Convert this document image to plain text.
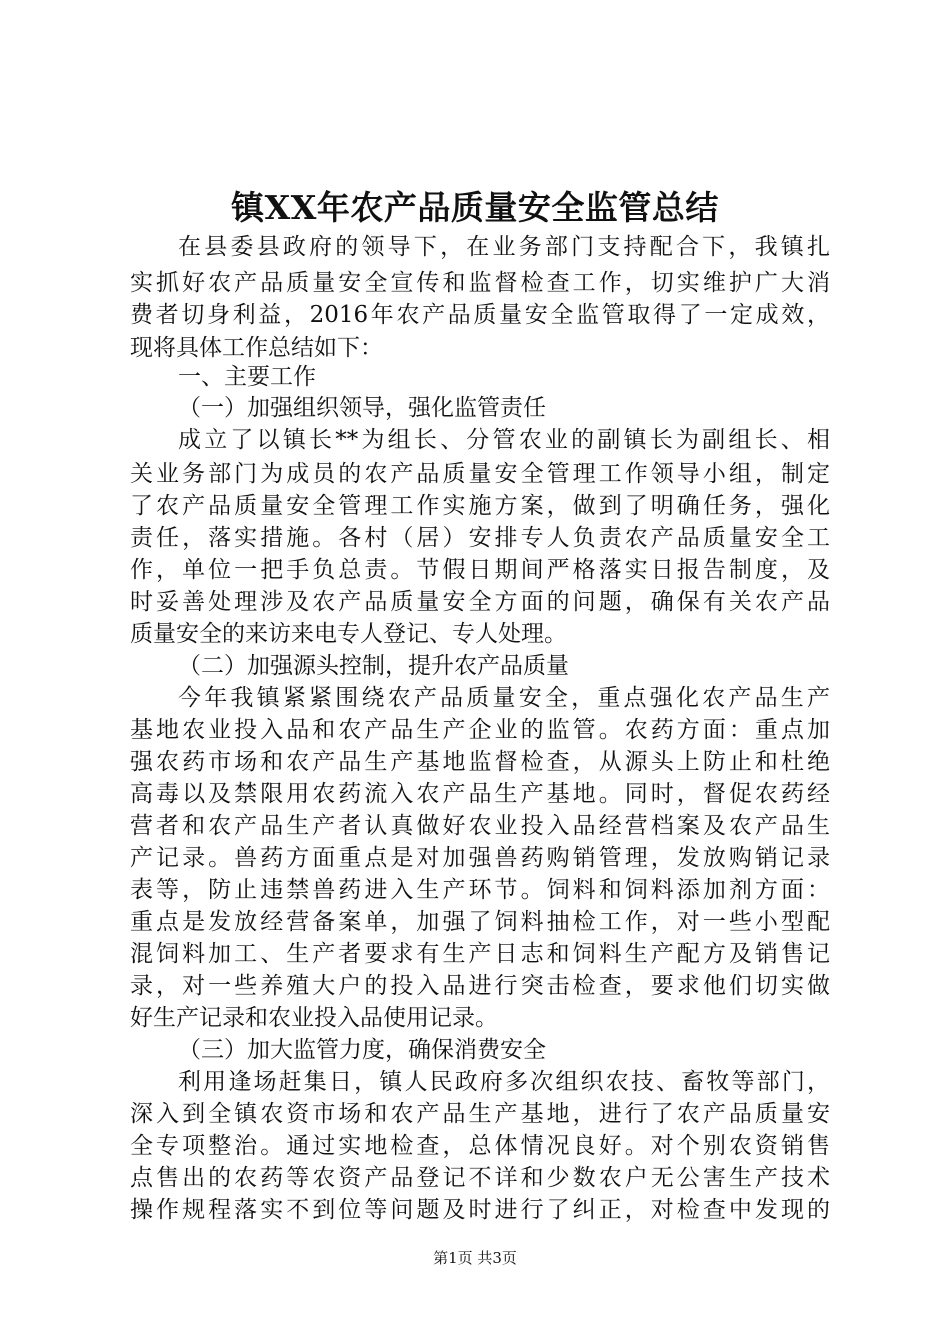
镇XX年农产品质量安全监管总结
在县委县政府的领导下，在业务部门支持配合下，我镇扎
实抓好农产品质量安全宣传和监督检查工作，切实维护广大消
费者切身利益，2016年农产品质量安全监管取得了一定成效，
现将具体工作总结如下：
一、主要工作
（一）加强组织领导，强化监管责任
成立了以镇长**为组长、分管农业的副镇长为副组长、相
关业务部门为成员的农产品质量安全管理工作领导小组，制定
了农产品质量安全管理工作实施方案，做到了明确任务，强化
责任，落实措施。各村（居）安排专人负责农产品质量安全工
作，单位一把手负总责。节假日期间严格落实日报告制度，及
时妥善处理涉及农产品质量安全方面的问题，确保有关农产品
质量安全的来访来电专人登记、专人处理。
（二）加强源头控制，提升农产品质量
今年我镇紧紧围绕农产品质量安全，重点强化农产品生产
基地农业投入品和农产品生产企业的监管。农药方面：重点加
强农药市场和农产品生产基地监督检查，从源头上防止和杜绝
高毒以及禁限用农药流入农产品生产基地。同时，督促农药经
营者和农产品生产者认真做好农业投入品经营档案及农产品生
产记录。兽药方面重点是对加强兽药购销管理，发放购销记录
表等，防止违禁兽药进入生产环节。饲料和饲料添加剂方面：
重点是发放经营备案单，加强了饲料抽检工作，对一些小型配
混饲料加工、生产者要求有生产日志和饲料生产配方及销售记
录，对一些养殖大户的投入品进行突击检查，要求他们切实做
好生产记录和农业投入品使用记录。
（三）加大监管力度，确保消费安全
利用逢场赶集日，镇人民政府多次组织农技、畜牧等部门，
深入到全镇农资市场和农产品生产基地，进行了农产品质量安
全专项整治。通过实地检查，总体情况良好。对个别农资销售
点售出的农药等农资产品登记不详和少数农户无公害生产技术
操作规程落实不到位等问题及时进行了纠正，对检查中发现的
第1页 共3页
